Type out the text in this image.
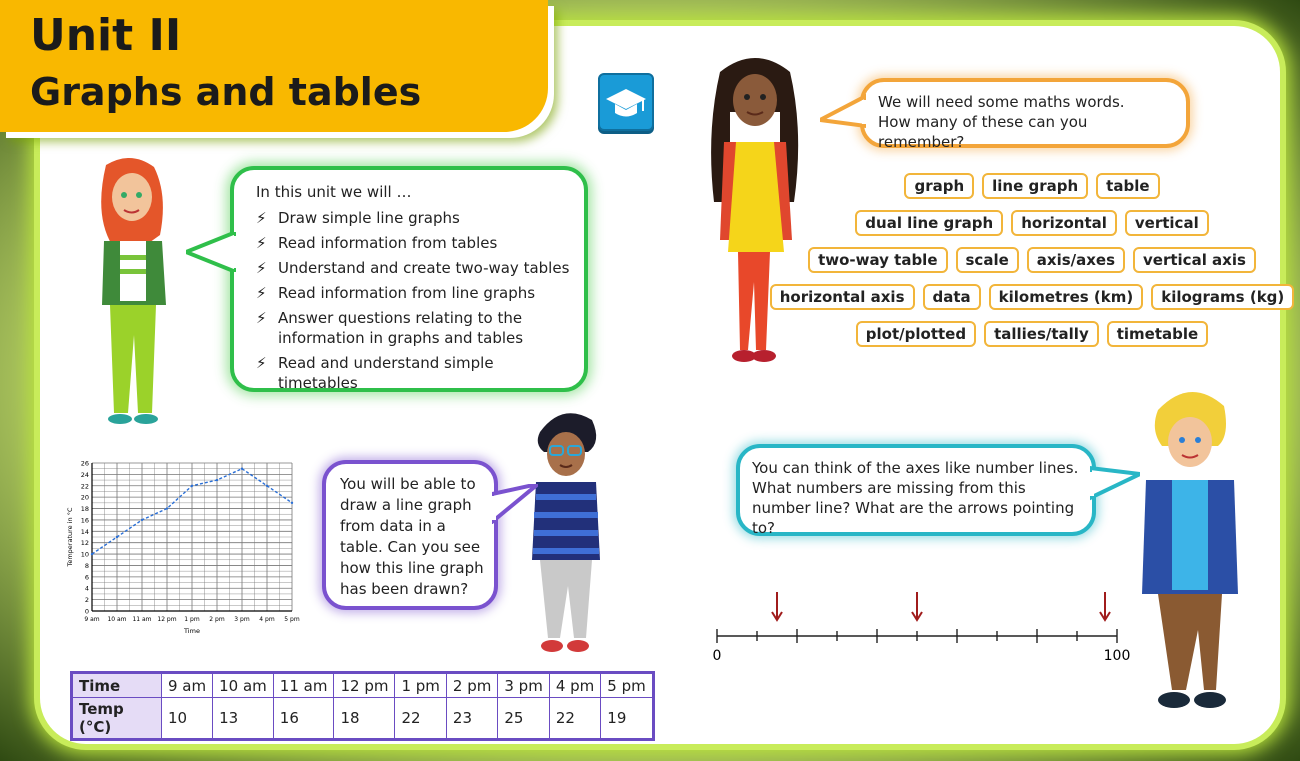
Unit II
Graphs and tables
In this unit we will …
⚡ Draw simple line graphs
⚡ Read information from tables
⚡ Understand and create two-way tables
⚡ Read information from line graphs
⚡ Answer questions relating to the information in graphs and tables
⚡ Read and understand simple timetables
We will need some maths words.
How many of these can you remember?
graph	line graph	table
dual line graph	horizontal	vertical
two-way table	scale	axis/axes	vertical axis
horizontal axis	data	kilometres (km)	kilograms (kg)
plot/plotted	tallies/tally	timetable
0
2
4
6
8
10
12
14
16
18
20
22
24
26
9 am 10 am 11 am 12 pm 1 pm 2 pm 3 pm 4 pm 5 pm
Time
Temperature in °C
You will be able to draw a line graph from data in a table. Can you see how this line graph has been drawn?
Time	9 am	10 am	11 am	12 pm	1 pm	2 pm	3 pm	4 pm	5 pm
Temp (°C)	10	13	16	18	22	23	25	22	19
You can think of the axes like number lines. What numbers are missing from this number line? What are the arrows pointing to?
0	100
